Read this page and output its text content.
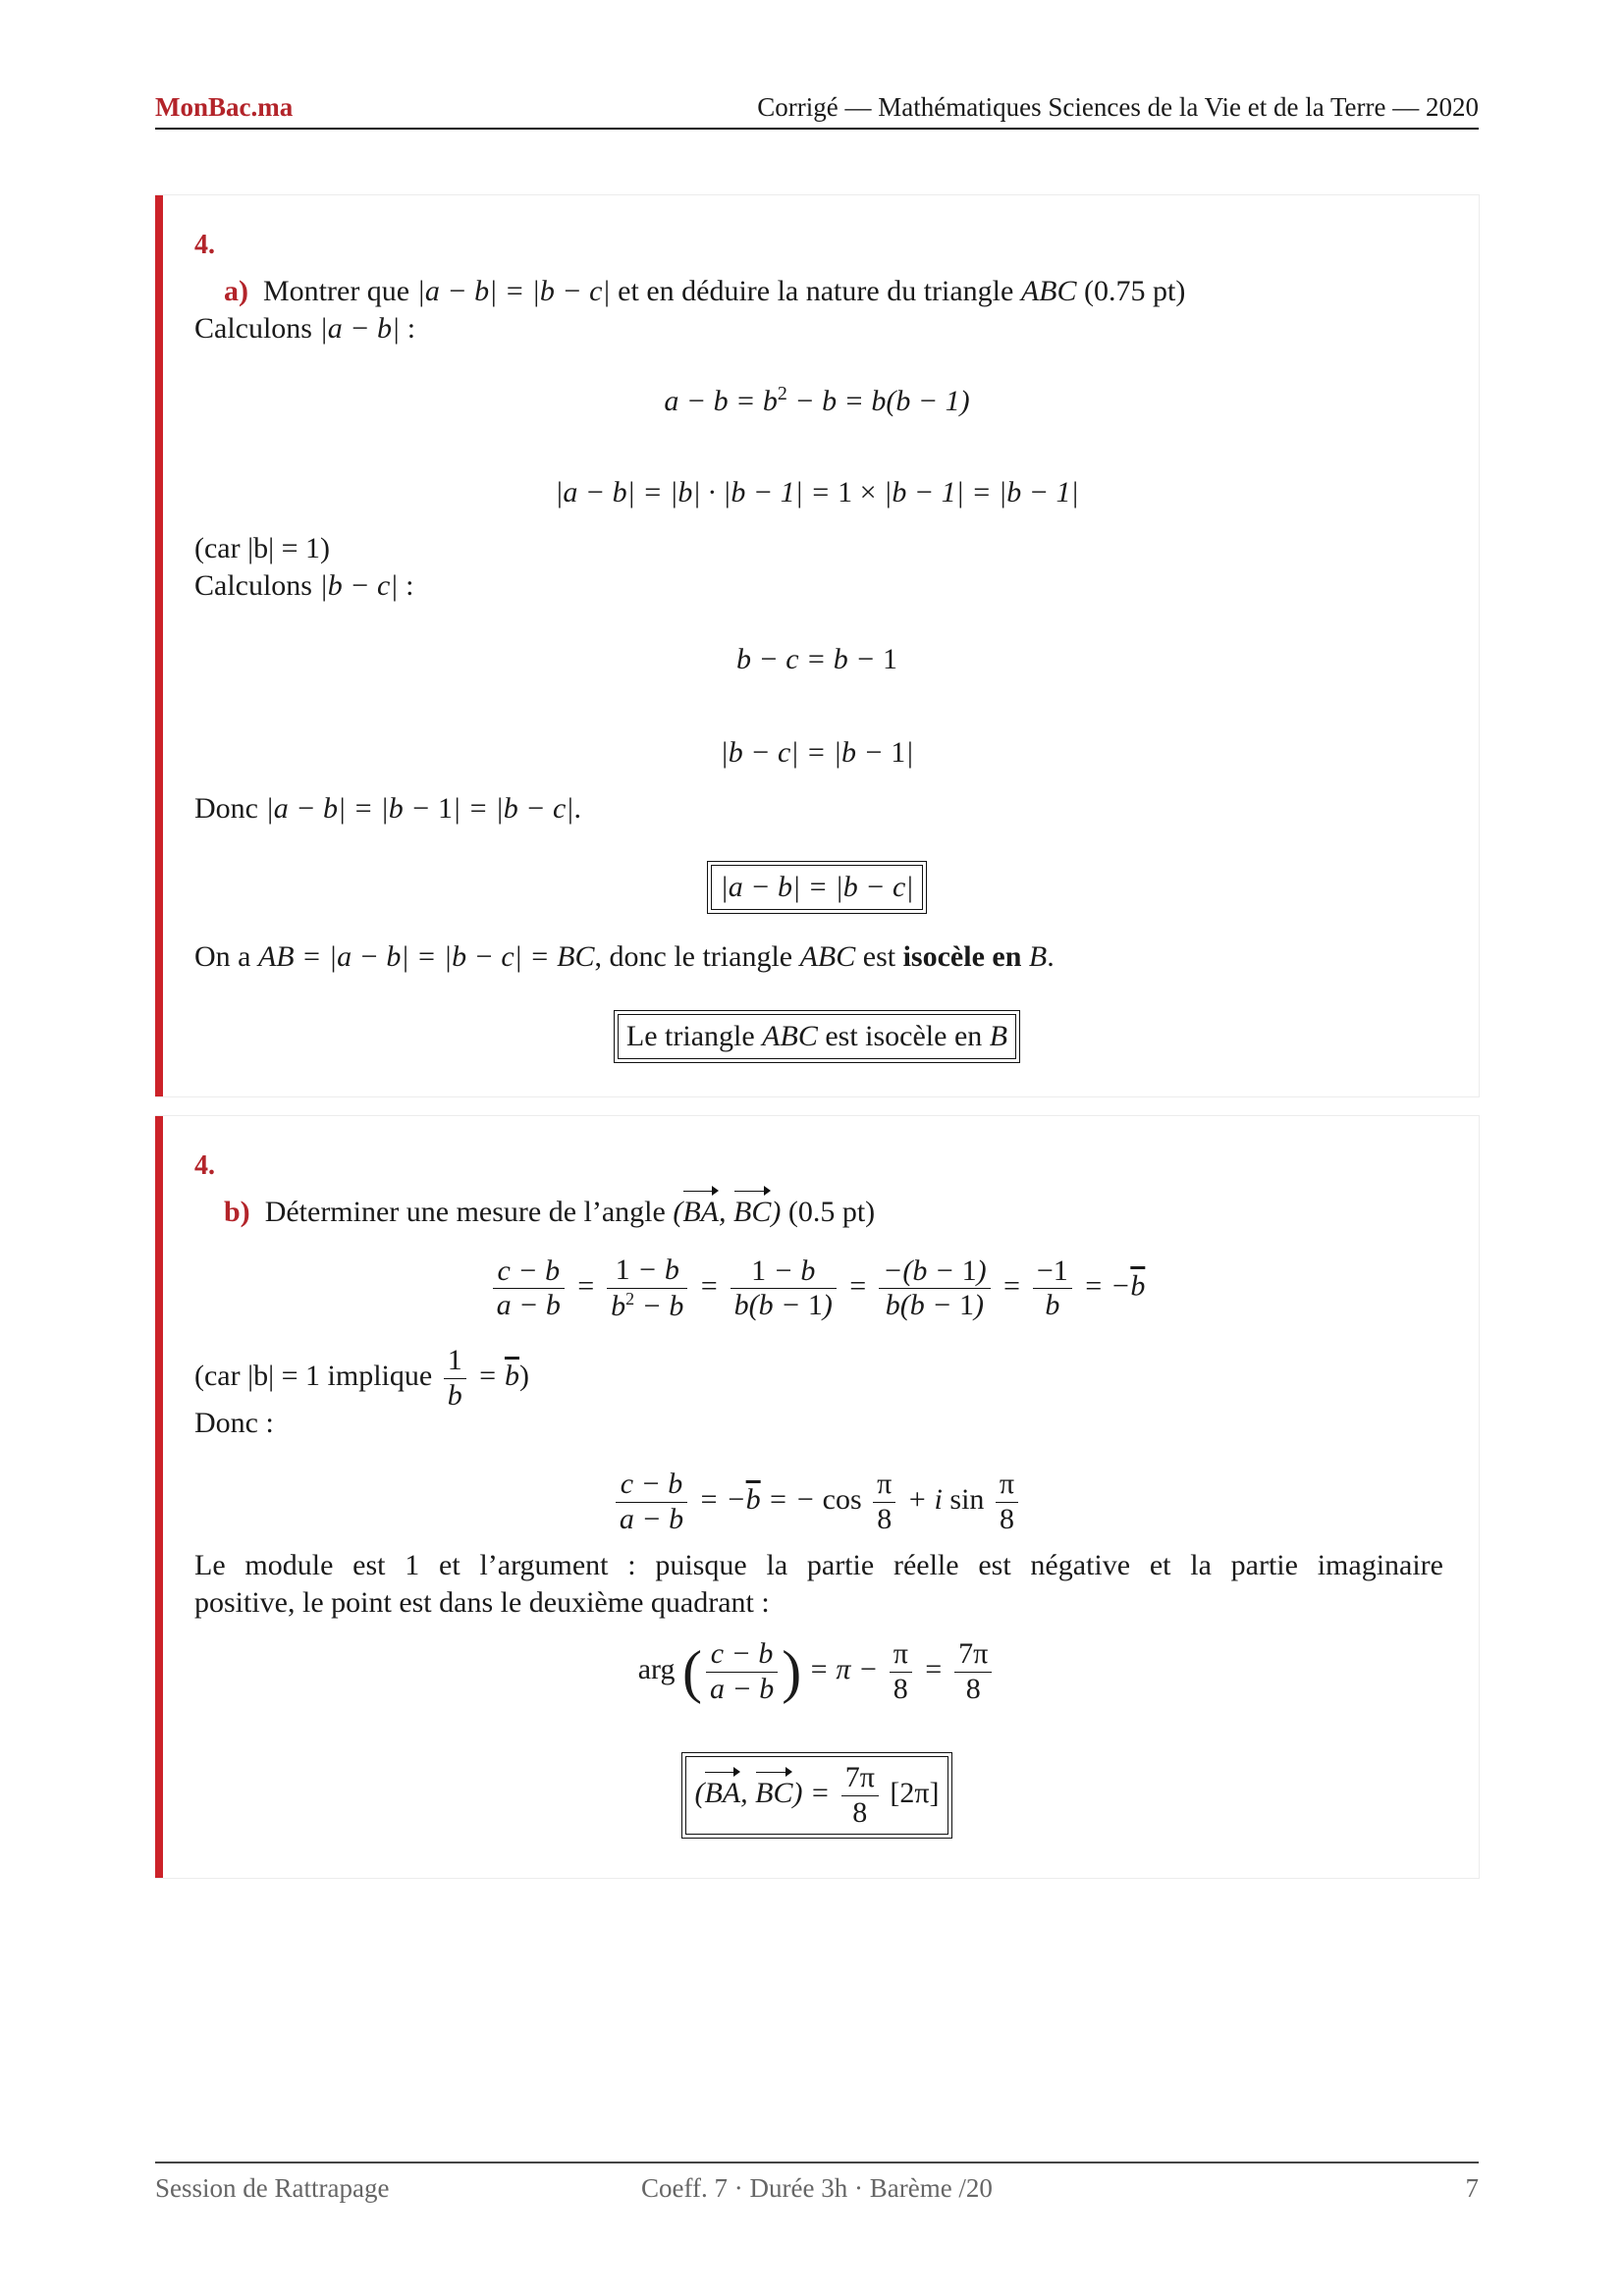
MonBac.ma	Corrigé — Mathématiques Sciences de la Vie et de la Terre — 2020
4.
a) Montrer que |a − b| = |b − c| et en déduire la nature du triangle ABC (0.75 pt)
Calculons |a − b| :
$a - b = b^2 - b = b(b - 1)$
|a − b| = |b| · |b − 1| = 1 × |b − 1| = |b − 1|
(car |b| = 1)
Calculons |b − c| :
b − c = b − 1
|b − c| = |b − 1|
Donc |a − b| = |b − 1| = |b − c|.
|a − b| = |b − c|
On a AB = |a − b| = |b − c| = BC, donc le triangle ABC est isocèle en B.
Le triangle ABC est isocèle en B
4.
b) Déterminer une mesure de l’angle (BA, BC) (0.5 pt)
$\frac{c - b}{a - b} = \frac{1 - b}{b^2 - b} = \frac{1 - b}{b(b - 1)} = \frac{-(b - 1)}{b(b - 1)} = \frac{-1}{b} = -\overline{b}$
(car |b| = 1 implique $\frac{1}{b} = \overline{b}$)
Donc :
$\frac{c - b}{a - b} = -\overline{b}$ = − $\cos \frac{\pi}{8} + i$ $\sin \frac{\pi}{8}$
Le module est 1 et l’argument : puisque la partie réelle est négative et la partie imaginaire
positive, le point est dans le deuxième quadrant :
arg ( $\frac{c - b}{a - b}$ ) = $\pi - \frac{\pi}{8} = \frac{7\pi}{8}$
(BA, $BC) = \frac{7\pi}{8} [2\pi]$
Session de Rattrapage	Coeff. 7 · Durée 3h · Barème /20	7
